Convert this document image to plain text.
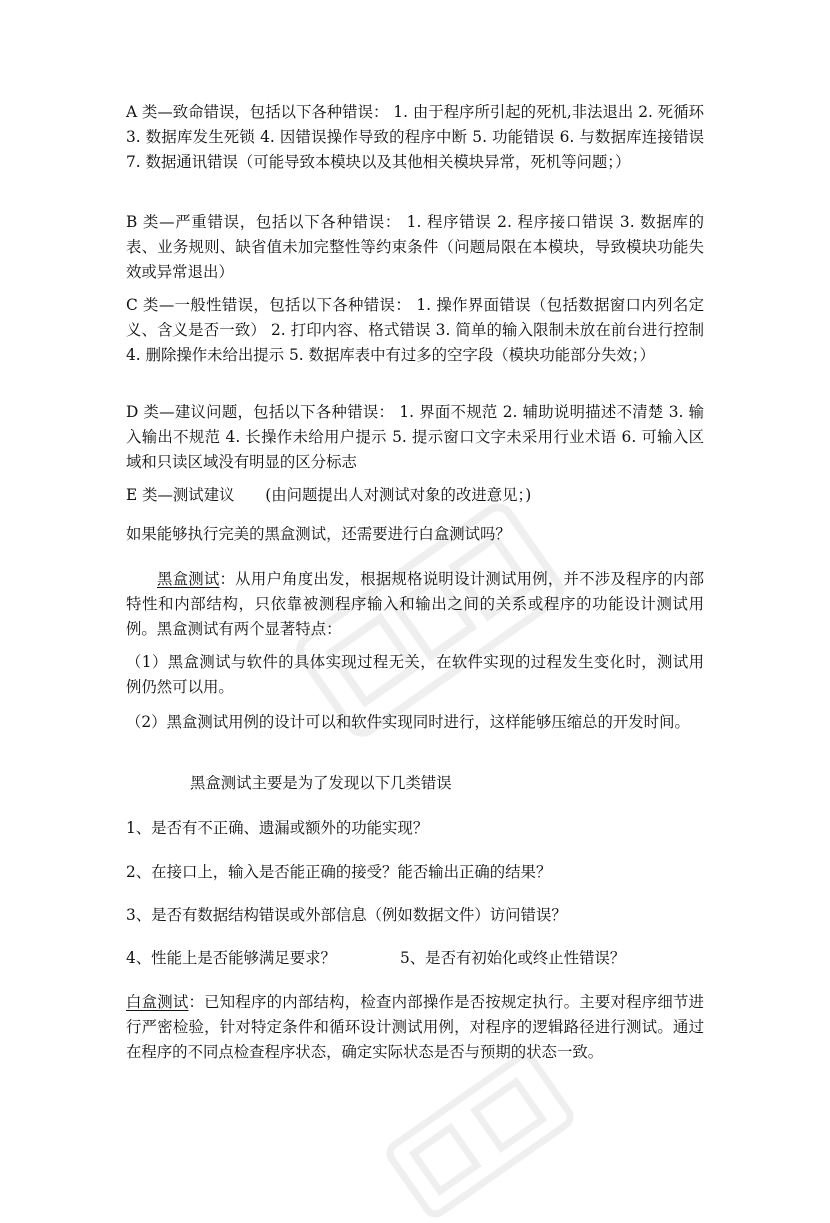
A 类—致命错误，包括以下各种错误： 1. 由于程序所引起的死机,非法退出 2. 死循环 3. 数据库发生死锁 4. 因错误操作导致的程序中断 5. 功能错误 6. 与数据库连接错误 7. 数据通讯错误（可能导致本模块以及其他相关模块异常，死机等问题；）

B 类—严重错误，包括以下各种错误： 1. 程序错误 2. 程序接口错误 3. 数据库的表、业务规则、缺省值未加完整性等约束条件（问题局限在本模块，导致模块功能失效或异常退出）

C 类—一般性错误，包括以下各种错误： 1. 操作界面错误（包括数据窗口内列名定义、含义是否一致） 2. 打印内容、格式错误 3. 简单的输入限制未放在前台进行控制 4. 删除操作未给出提示 5. 数据库表中有过多的空字段（模块功能部分失效；）

D 类—建议问题，包括以下各种错误： 1. 界面不规范 2. 辅助说明描述不清楚 3. 输入输出不规范 4. 长操作未给用户提示 5. 提示窗口文字未采用行业术语 6. 可输入区域和只读区域没有明显的区分标志

E 类—测试建议　　(由问题提出人对测试对象的改进意见；)

如果能够执行完美的黑盒测试，还需要进行白盒测试吗？

黑盒测试：从用户角度出发，根据规格说明设计测试用例，并不涉及程序的内部特性和内部结构，只依靠被测程序输入和输出之间的关系或程序的功能设计测试用例。黑盒测试有两个显著特点：

（1）黑盒测试与软件的具体实现过程无关，在软件实现的过程发生变化时，测试用例仍然可以用。

（2）黑盒测试用例的设计可以和软件实现同时进行，这样能够压缩总的开发时间。

黑盒测试主要是为了发现以下几类错误

1、是否有不正确、遗漏或额外的功能实现？

2、在接口上，输入是否能正确的接受？能否输出正确的结果？

3、是否有数据结构错误或外部信息（例如数据文件）访问错误？

4、性能上是否能够满足要求？	5、是否有初始化或终止性错误？

白盒测试：已知程序的内部结构，检查内部操作是否按规定执行。主要对程序细节进行严密检验，针对特定条件和循环设计测试用例，对程序的逻辑路径进行测试。通过在程序的不同点检查程序状态，确定实际状态是否与预期的状态一致。
